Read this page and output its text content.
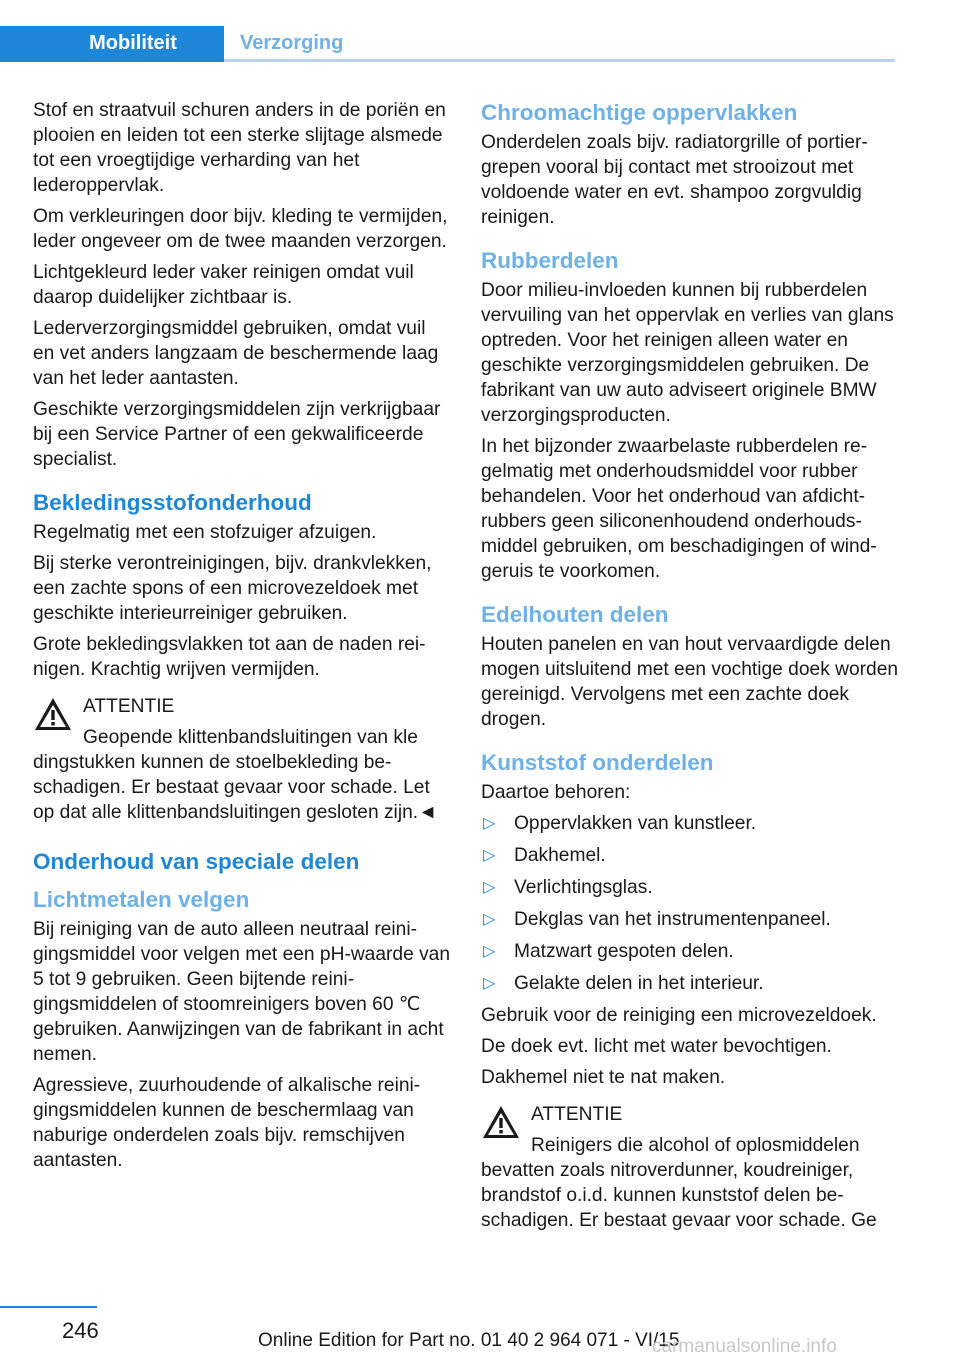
Mobiliteit	Verzorging

Stof en straatvuil schuren anders in de poriën en plooien en leiden tot een sterke slijtage alsmede tot een vroegtijdige verharding van het lederoppervlak.

Om verkleuringen door bijv. kleding te vermijden, leder ongeveer om de twee maanden verzorgen.

Lichtgekleurd leder vaker reinigen omdat vuil daarop duidelijker zichtbaar is.

Lederverzorgingsmiddel gebruiken, omdat vuil en vet anders langzaam de beschermende laag van het leder aantasten.

Geschikte verzorgingsmiddelen zijn verkrijgbaar bij een Service Partner of een gekwalificeerde specialist.

Bekledingsstofonderhoud

Regelmatig met een stofzuiger afzuigen.

Bij sterke verontreinigingen, bijv. drankvlekken, een zachte spons of een microvezeldoek met geschikte interieurreiniger gebruiken.

Grote bekledingsvlakken tot aan de naden reinigen. Krachtig wrijven vermijden.

ATTENTIE
Geopende klittenbandsluitingen van kle
dingstukken kunnen de stoelbekleding beschadigen. Er bestaat gevaar voor schade. Let op dat alle klittenbandsluitingen gesloten zijn.◄
Onderhoud van speciale delen
Lichtmetalen velgen

Bij reiniging van de auto alleen neutraal reinigingsmiddel voor velgen met een pH-waarde van 5 tot 9 gebruiken. Geen bijtende reinigingsmiddelen of stoomreinigers boven 60 ℃ gebruiken. Aanwijzingen van de fabrikant in acht nemen.

Agressieve, zuurhoudende of alkalische reinigingsmiddelen kunnen de beschermlaag van naburige onderdelen zoals bijv. remschijven aantasten.

Chroomachtige oppervlakken

Onderdelen zoals bijv. radiatorgrille of portiergrepen vooral bij contact met strooizout met voldoende water en evt. shampoo zorgvuldig reinigen.

Rubberdelen

Door milieu-invloeden kunnen bij rubberdelen vervuiling van het oppervlak en verlies van glans optreden. Voor het reinigen alleen water en geschikte verzorgingsmiddelen gebruiken. De fabrikant van uw auto adviseert originele BMW verzorgingsproducten.

In het bijzonder zwaarbelaste rubberdelen regelmatig met onderhoudsmiddel voor rubber behandelen. Voor het onderhoud van afdichtrubbers geen siliconenhoudend onderhoudsmiddel gebruiken, om beschadigingen of windgeruis te voorkomen.

Edelhouten delen

Houten panelen en van hout vervaardigde delen mogen uitsluitend met een vochtige doek worden gereinigd. Vervolgens met een zachte doek drogen.

Kunststof onderdelen

Daartoe behoren:

▷ Oppervlakken van kunstleer.
▷ Dakhemel.
▷ Verlichtingsglas.
▷ Dekglas van het instrumentenpaneel.
▷ Matzwart gespoten delen.
▷ Gelakte delen in het interieur.

Gebruik voor de reiniging een microvezeldoek.

De doek evt. licht met water bevochtigen.

Dakhemel niet te nat maken.

ATTENTIE
Reinigers die alcohol of oplosmiddelen
bevatten zoals nitroverdunner, koudreiniger, brandstof o.i.d. kunnen kunststof delen beschadigen. Er bestaat gevaar voor schade. Ge
246	Online Edition for Part no. 01 40 2 964 071 - VI/15
carmanualsonline.info
